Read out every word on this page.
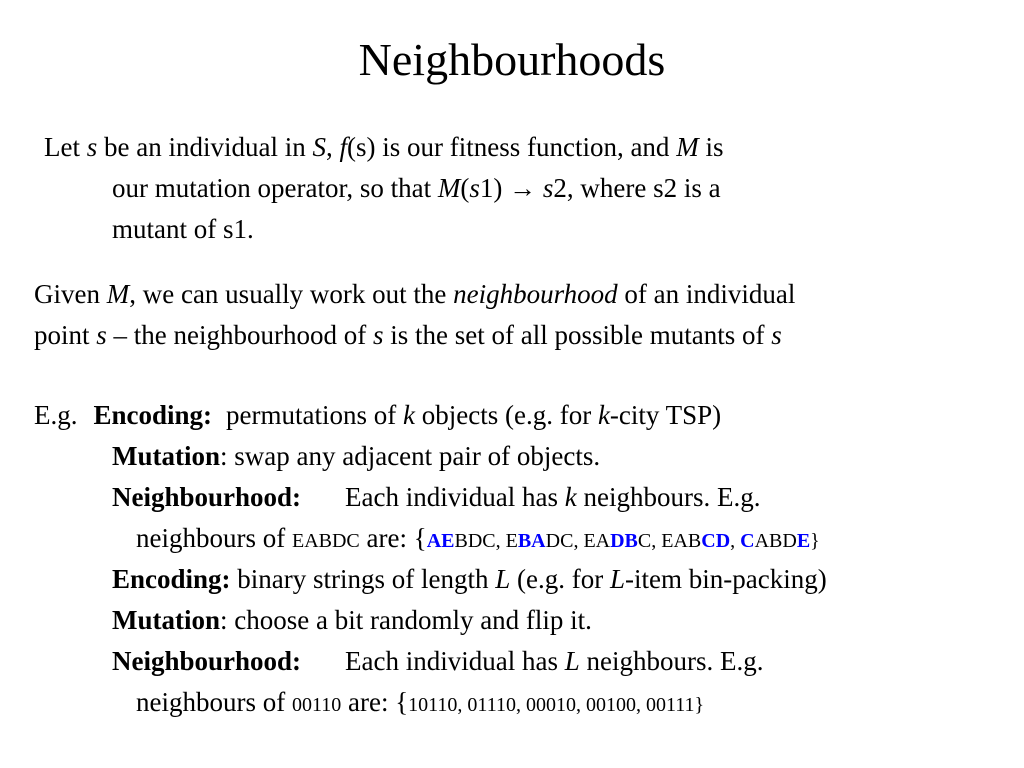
Neighbourhoods
Let s be an individual in S, f(s) is our fitness function, and M is
our mutation operator, so that M(s1) → s2, where s2 is a
mutant of s1.
Given M, we can usually work out the neighbourhood of an individual
point s – the neighbourhood of s is the set of all possible mutants of s
E.g. Encoding: permutations of k objects (e.g. for k-city TSP)
Mutation: swap any adjacent pair of objects.
Neighbourhood: Each individual has k neighbours. E.g.
neighbours of EABDC are: {AEBDC, EBADC, EADBC, EABCD, CABDE}
Encoding: binary strings of length L (e.g. for L-item bin-packing)
Mutation: choose a bit randomly and flip it.
Neighbourhood: Each individual has L neighbours. E.g.
neighbours of 00110 are: {10110, 01110, 00010, 00100, 00111}
